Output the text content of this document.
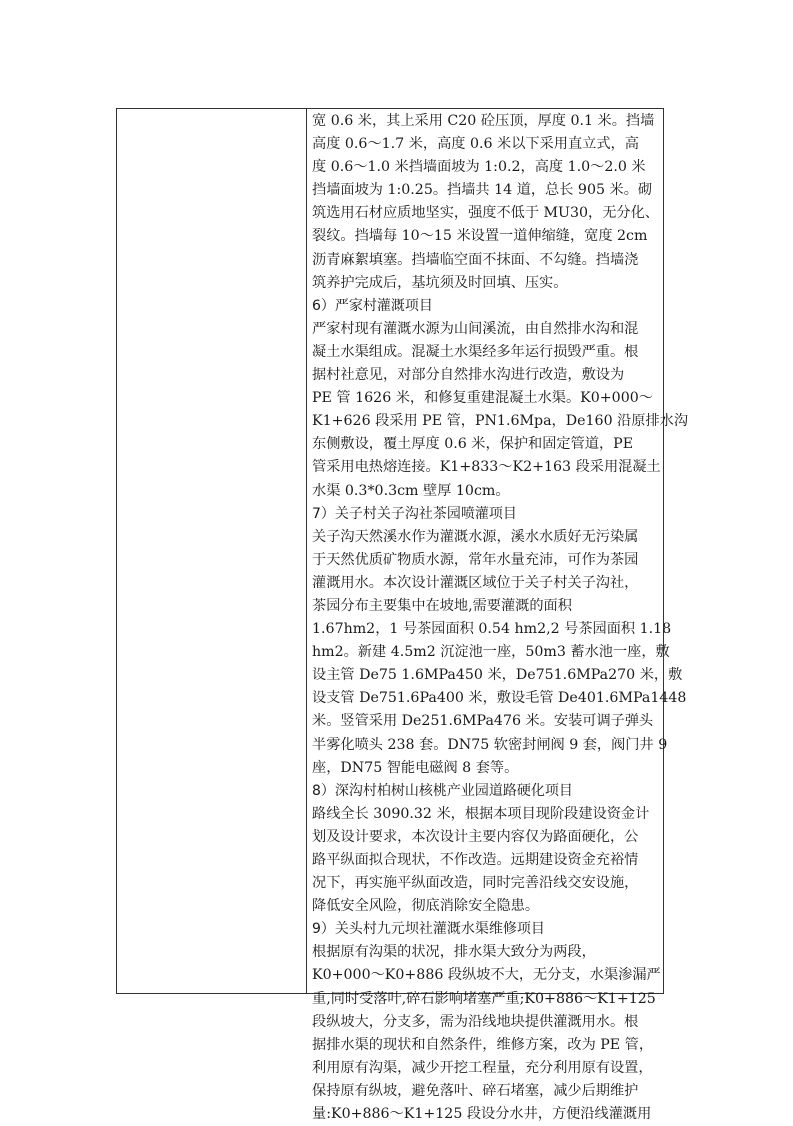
宽 0.6 米，其上采用 C20 砼压顶，厚度 0.1 米。挡墙
高度 0.6～1.7 米，高度 0.6 米以下采用直立式，高
度 0.6～1.0 米挡墙面坡为 1:0.2，高度 1.0～2.0 米
挡墙面坡为 1:0.25。挡墙共 14 道，总长 905 米。砌
筑选用石材应质地坚实，强度不低于 MU30，无分化、
裂纹。挡墙每 10～15 米设置一道伸缩缝，宽度 2cm
沥青麻絮填塞。挡墙临空面不抹面、不勾缝。挡墙浇
筑养护完成后，基坑须及时回填、压实。
6）严家村灌溉项目
严家村现有灌溉水源为山间溪流，由自然排水沟和混
凝土水渠组成。混凝土水渠经多年运行损毁严重。根
据村社意见，对部分自然排水沟进行改造，敷设为
PE 管 1626 米，和修复重建混凝土水渠。K0+000～
K1+626 段采用 PE 管，PN1.6Mpa，De160 沿原排水沟
东侧敷设，覆土厚度 0.6 米，保护和固定管道，PE
管采用电热熔连接。K1+833～K2+163 段采用混凝土
水渠 0.3*0.3cm 壁厚 10cm。
7）关子村关子沟社茶园喷灌项目
关子沟天然溪水作为灌溉水源，溪水水质好无污染属
于天然优质矿物质水源，常年水量充沛，可作为茶园
灌溉用水。本次设计灌溉区域位于关子村关子沟社，
茶园分布主要集中在坡地,需要灌溉的面积
1.67hm2，1 号茶园面积 0.54 hm2,2 号茶园面积 1.18
hm2。新建 4.5m2 沉淀池一座，50m3 蓄水池一座，敷
设主管 De75 1.6MPa450 米，De751.6MPa270 米，敷
设支管 De751.6Pa400 米，敷设毛管 De401.6MPa1448
米。竖管采用 De251.6MPa476 米。安装可调子弹头
半雾化喷头 238 套。DN75 软密封闸阀 9 套，阀门井 9
座，DN75 智能电磁阀 8 套等。
8）深沟村柏树山核桃产业园道路硬化项目
路线全长 3090.32 米，根据本项目现阶段建设资金计
划及设计要求，本次设计主要内容仅为路面硬化，公
路平纵面拟合现状，不作改造。远期建设资金充裕情
况下，再实施平纵面改造，同时完善沿线交安设施，
降低安全风险，彻底消除安全隐患。
9）关头村九元坝社灌溉水渠维修项目
根据原有沟渠的状况，排水渠大致分为两段，
K0+000～K0+886 段纵坡不大，无分支，水渠渗漏严
重,同时受落叶,碎石影响堵塞严重;K0+886～K1+125
段纵坡大，分支多，需为沿线地块提供灌溉用水。根
据排水渠的现状和自然条件，维修方案，改为 PE 管，
利用原有沟渠，减少开挖工程量，充分利用原有设置，
保持原有纵坡，避免落叶、碎石堵塞，减少后期维护
量:K0+886～K1+125 段设分水井，方便沿线灌溉用
